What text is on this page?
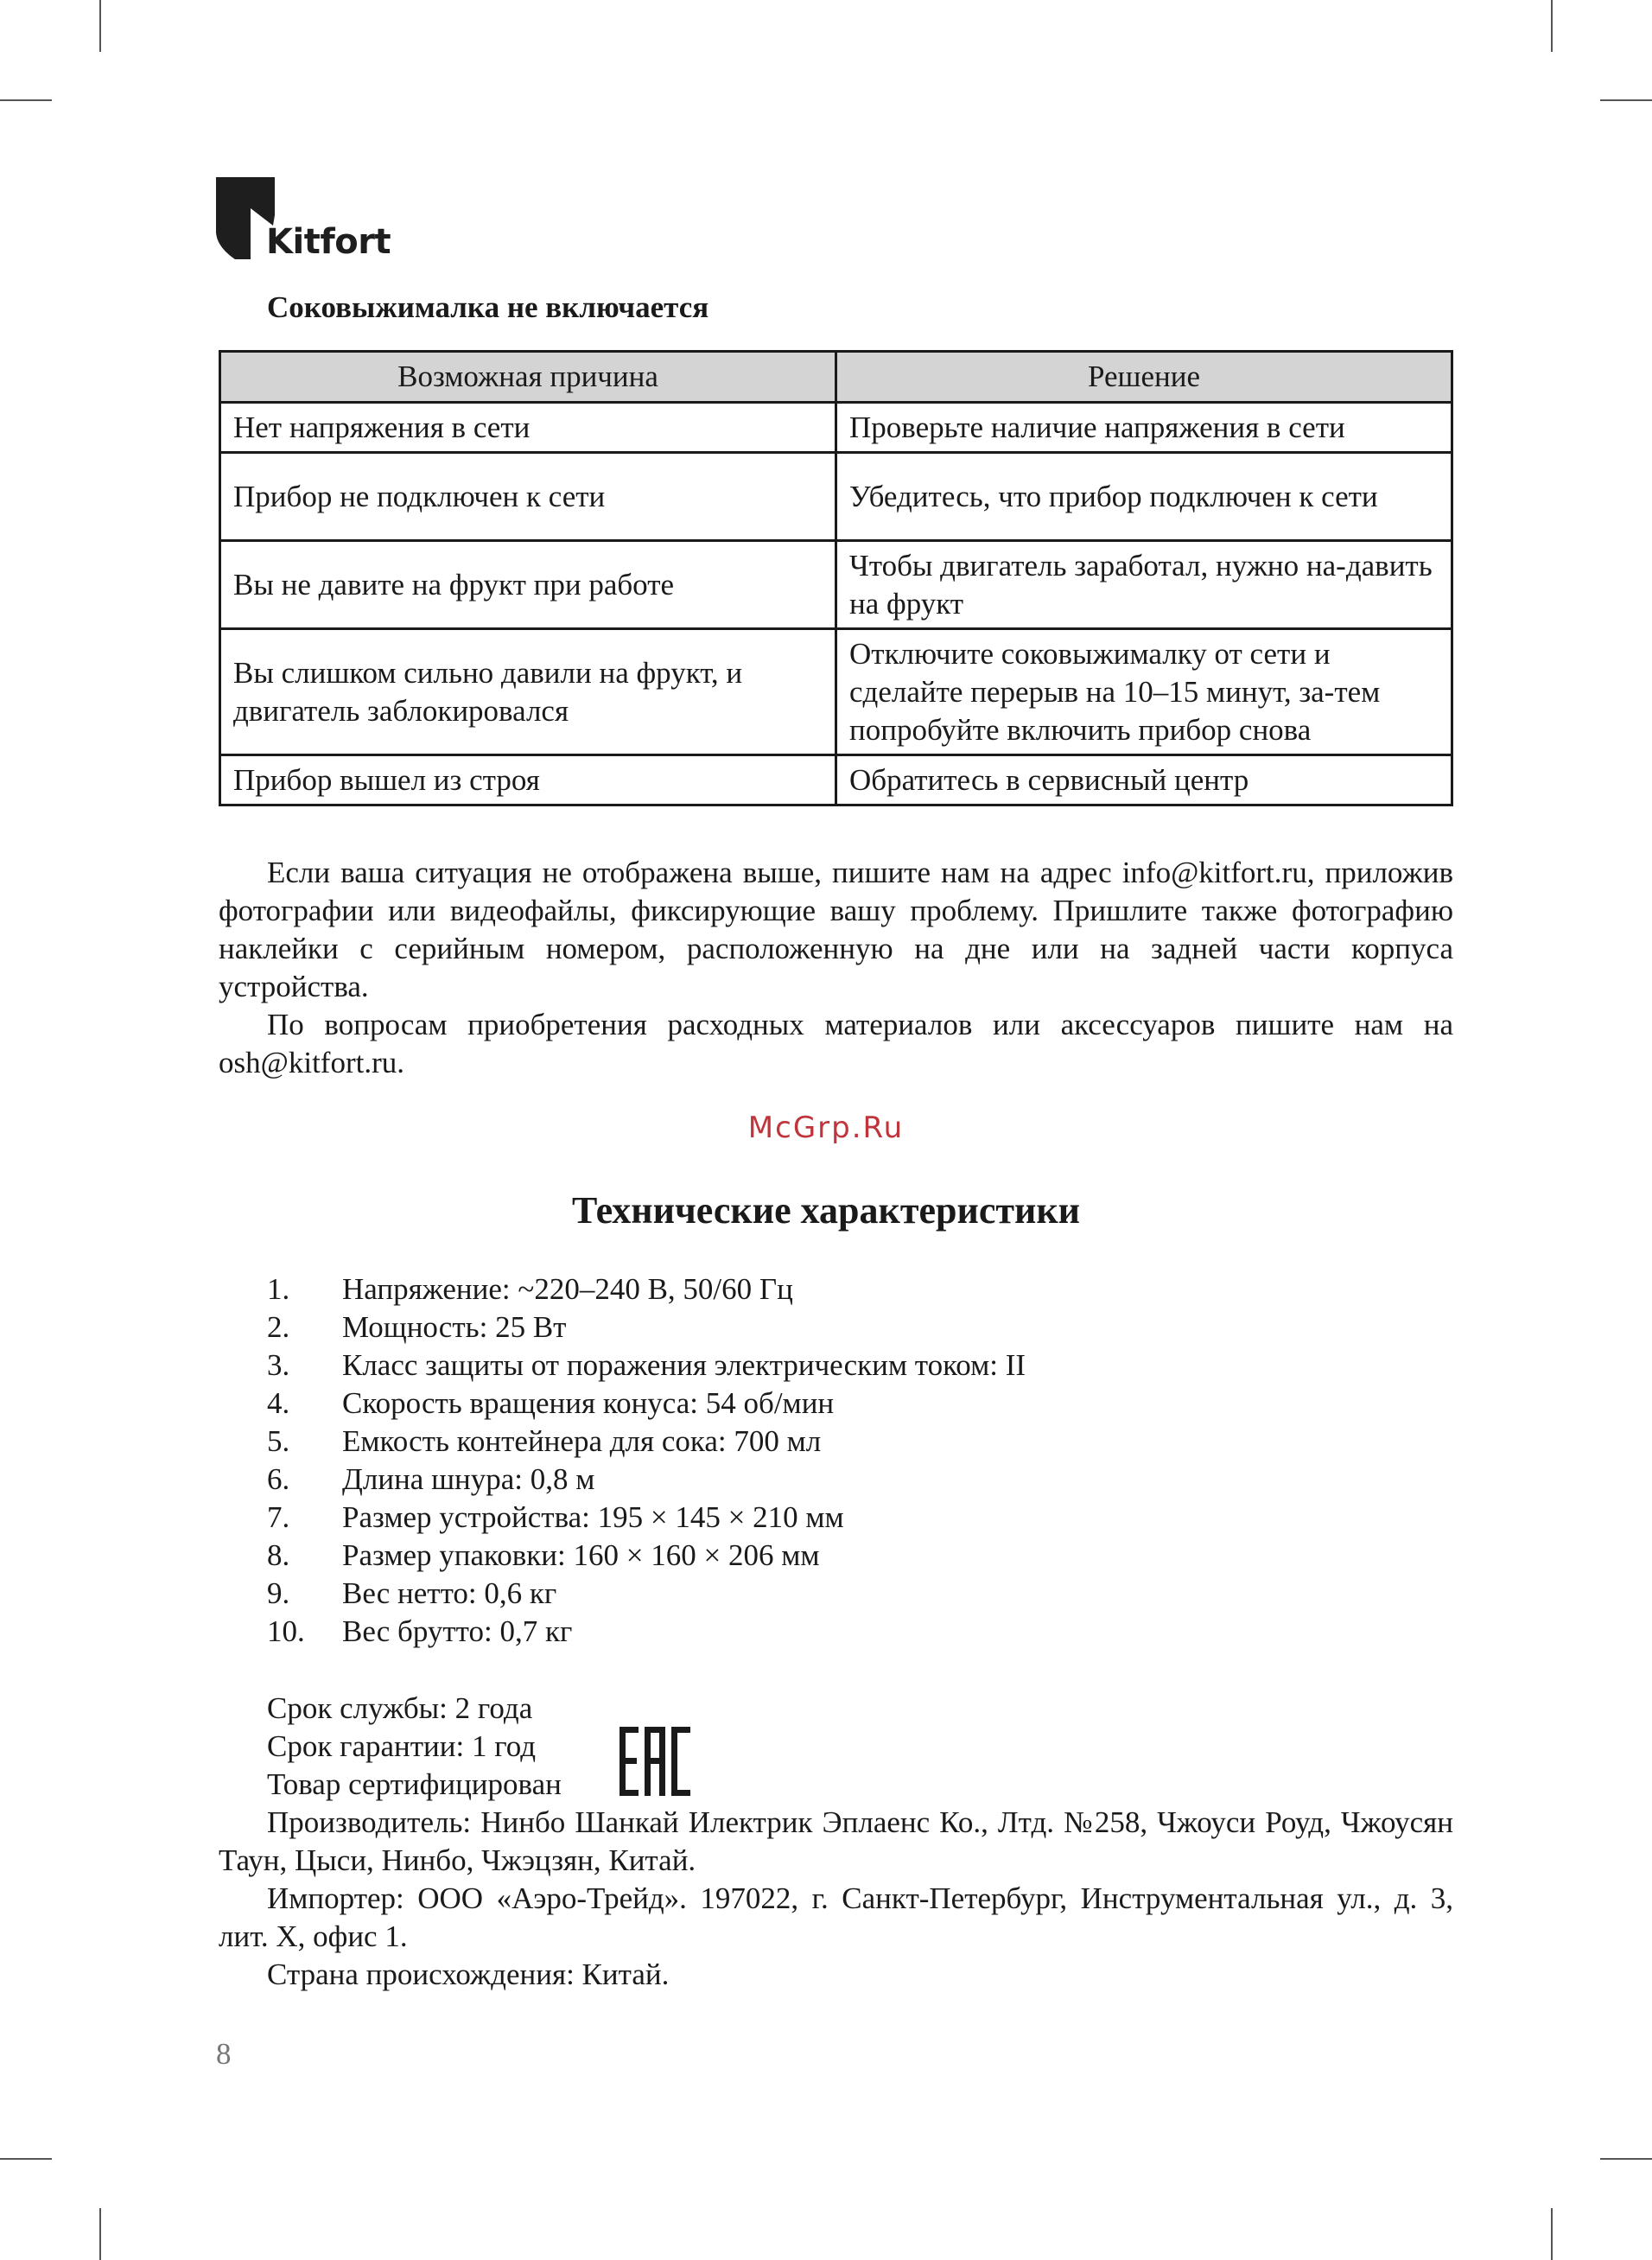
Kitfort
Соковыжималка не включается
Возможная причина	Решение
Нет напряжения в сети	Проверьте наличие напряжения в сети
Прибор не подключен к сети	Убедитесь, что прибор подключен к сети
Вы не давите на фрукт при работе	Чтобы двигатель заработал, нужно на-давить на фрукт
Вы слишком сильно давили на фрукт, и двигатель заблокировался	Отключите соковыжималку от сети и сделайте перерыв на 10–15 минут, за-тем попробуйте включить прибор снова
Прибор вышел из строя	Обратитесь в сервисный центр

Если ваша ситуация не отображена выше, пишите нам на адрес info@kitfort.ru, приложив фотографии или видеофайлы, фиксирующие вашу проблему. Пришлите также фотографию наклейки с серийным номером, расположенную на дне или на задней части корпуса устройства.

По вопросам приобретения расходных материалов или аксессуаров пишите нам на osh@kitfort.ru.

McGrp.Ru
Технические характеристики
1. Напряжение: ~220–240 В, 50/60 Гц
2. Мощность: 25 Вт
3. Класс защиты от поражения электрическим током: II
4. Скорость вращения конуса: 54 об/мин
5. Емкость контейнера для сока: 700 мл
6. Длина шнура: 0,8 м
7. Размер устройства: 195 × 145 × 210 мм
8. Размер упаковки: 160 × 160 × 206 мм
9. Вес нетто: 0,6 кг
10. Вес брутто: 0,7 кг
Срок службы: 2 года
Срок гарантии: 1 год
Товар сертифицирован
Производитель: Нинбо Шанкай Илектрик Эплаенс Ко., Лтд. №258, Чжоуси Роуд, Чжоусян Таун, Цыси, Нинбо, Чжэцзян, Китай.
Импортер: ООО «Аэро-Трейд». 197022, г. Санкт-Петербург, Инструментальная ул., д. 3, лит. Х, офис 1.
Страна происхождения: Китай.
8
